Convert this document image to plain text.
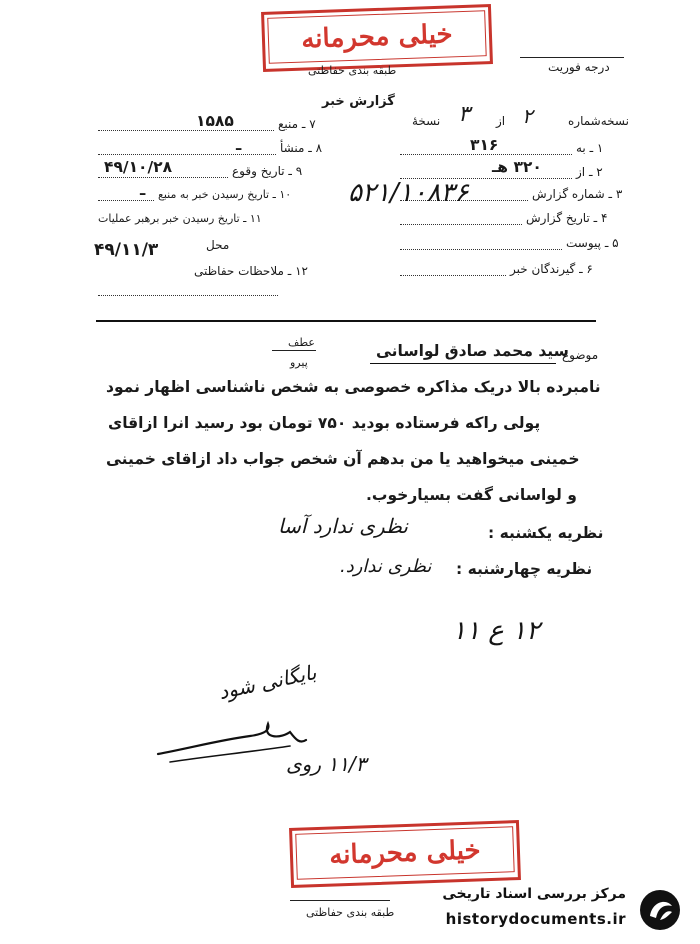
خیلی محرمانه
طبقه بندی حفاظتی	درجه فوریت
گزارش خبر
نسخه‌شماره
۲
از
۳
نسخهٔ
۱ ـ به
۳۱۶
۲ ـ از
۳۲۰ هـ
۳ ـ شماره گزارش
۵۲۱/۱۰۸۳۶
۴ ـ تاریخ گزارش
۵ ـ پیوست
۶ ـ گیرندگان خبر
۷ ـ منبع
۱۵۸۵
۸ ـ منشأ
ـ
۹ ـ تاریخ وقوع
۴۹/۱۰/۲۸
۱۰ ـ تاریخ رسیدن خبر به منبع
ـ
۱۱ ـ تاریخ رسیدن خبر برهبر عملیات
محل
۴۹/۱۱/۳
۱۲ ـ ملاحظات حفاظتی
عطف
پیرو
موضوع
سید محمد صادق لواسانی
نامبرده بالا دریک مذاکره خصوصی به شخص ناشناسی اظهار نمود
پولی راکه فرستاده بودید ۷۵۰ تومان بود رسید انرا ازاقای
خمینی میخواهید یا من بدهم آن شخص جواب داد ازاقای خمینی
و لواسانی گفت بسیارخوب.
نظریه یکشنبه :
نظری ندارد آسا
نظریه چهارشنبه :
نظری ندارد.
۱۲ ع ۱۱
بایگانی شود
۱۱/۳ روی
خیلی محرمانه
طبقه بندی حفاظتی
مرکز بررسی اسناد تاریخی
historydocuments.ir
